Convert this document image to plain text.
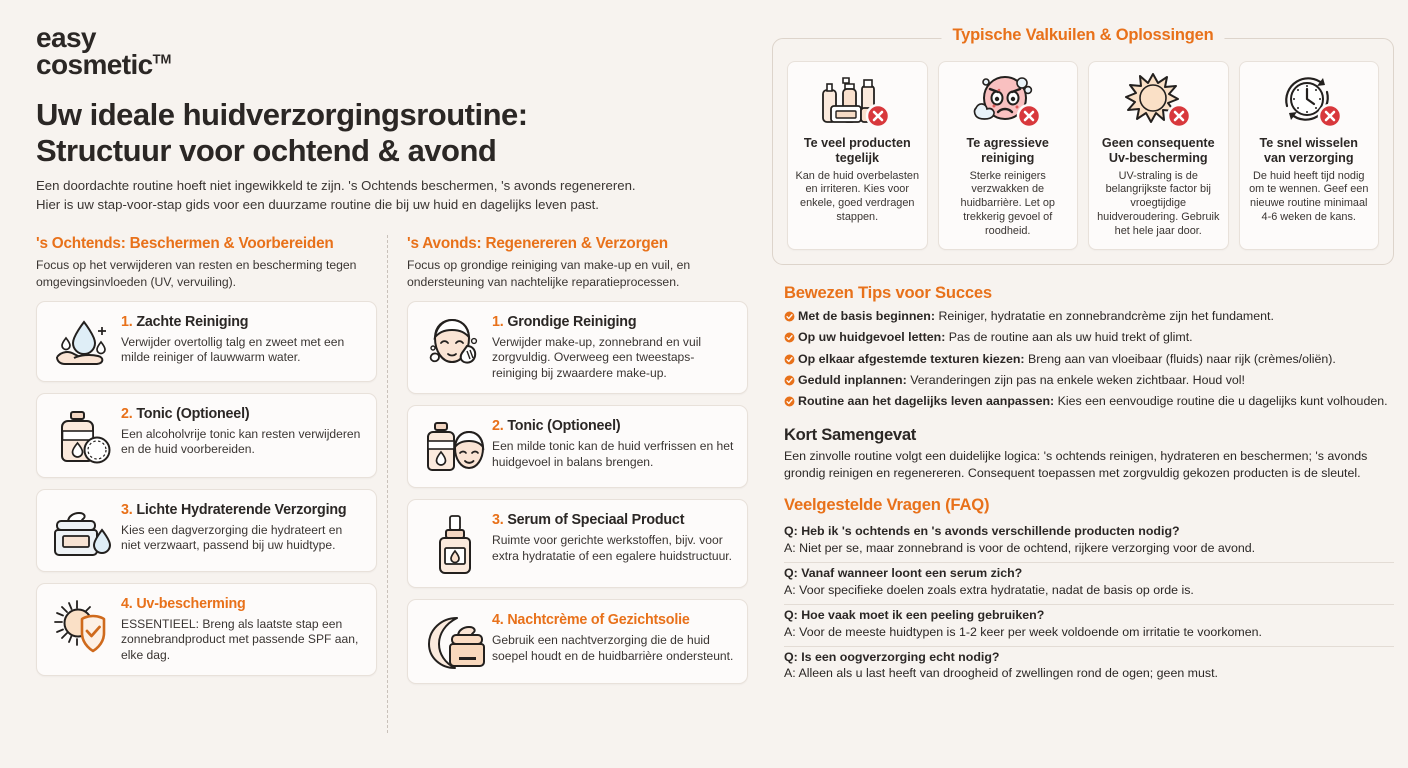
easy
cosmetic™
Uw ideale huidverzorgingsroutine:
Structuur voor ochtend & avond
Een doordachte routine hoeft niet ingewikkeld te zijn. 's Ochtends beschermen, 's avonds regenereren.
Hier is uw stap-voor-stap gids voor een duurzame routine die bij uw huid en dagelijks leven past.
's Ochtends: Beschermen & Voorbereiden
Focus op het verwijderen van resten en bescherming tegen omgevingsinvloeden (UV, vervuiling).
1. Zachte Reiniging
Verwijder overtollig talg en zweet met een milde reiniger of lauwwarm water.
2. Tonic (Optioneel)
Een alcoholvrije tonic kan resten verwijderen en de huid voorbereiden.
3. Lichte Hydraterende Verzorging
Kies een dagverzorging die hydrateert en niet verzwaart, passend bij uw huidtype.
4. Uv-bescherming
ESSENTIEEL: Breng als laatste stap een zonnebrandproduct met passende SPF aan, elke dag.
's Avonds: Regenereren & Verzorgen
Focus op grondige reiniging van make-up en vuil, en ondersteuning van nachtelijke reparatieprocessen.
1. Grondige Reiniging
Verwijder make-up, zonnebrand en vuil zorgvuldig. Overweeg een tweestaps-reiniging bij zwaardere make-up.
2. Tonic (Optioneel)
Een milde tonic kan de huid verfrissen en het huidgevoel in balans brengen.
3. Serum of Speciaal Product
Ruimte voor gerichte werkstoffen, bijv. voor extra hydratatie of een egalere huidstructuur.
4. Nachtcrème of Gezichtsolie
Gebruik een nachtverzorging die de huid soepel houdt en de huidbarrière ondersteunt.
Typische Valkuilen & Oplossingen
Te veel producten
tegelijk
Kan de huid overbelasten en irriteren. Kies voor enkele, goed verdragen stappen.
Te agressieve
reiniging
Sterke reinigers verzwakken de huidbarrière. Let op trekkerig gevoel of roodheid.
Geen consequente
Uv-bescherming
UV-straling is de belangrijkste factor bij vroegtijdige huidveroudering. Gebruik het hele jaar door.
Te snel wisselen
van verzorging
De huid heeft tijd nodig om te wennen. Geef een nieuwe routine minimaal 4-6 weken de kans.
Bewezen Tips voor Succes
Met de basis beginnen: Reiniger, hydratatie en zonnebrandcrème zijn het fundament.
Op uw huidgevoel letten: Pas de routine aan als uw huid trekt of glimt.
Op elkaar afgestemde texturen kiezen: Breng aan van vloeibaar (fluids) naar rijk (crèmes/oliën).
Geduld inplannen: Veranderingen zijn pas na enkele weken zichtbaar. Houd vol!
Routine aan het dagelijks leven aanpassen: Kies een eenvoudige routine die u dagelijks kunt volhouden.
Kort Samengevat
Een zinvolle routine volgt een duidelijke logica: 's ochtends reinigen, hydrateren en beschermen; 's avonds grondig reinigen en regenereren. Consequent toepassen met zorgvuldig gekozen producten is de sleutel.
Veelgestelde Vragen (FAQ)
Q: Heb ik 's ochtends en 's avonds verschillende producten nodig?
A: Niet per se, maar zonnebrand is voor de ochtend, rijkere verzorging voor de avond.
Q: Vanaf wanneer loont een serum zich?
A: Voor specifieke doelen zoals extra hydratatie, nadat de basis op orde is.
Q: Hoe vaak moet ik een peeling gebruiken?
A: Voor de meeste huidtypen is 1-2 keer per week voldoende om irritatie te voorkomen.
Q: Is een oogverzorging echt nodig?
A: Alleen als u last heeft van droogheid of zwellingen rond de ogen; geen must.
